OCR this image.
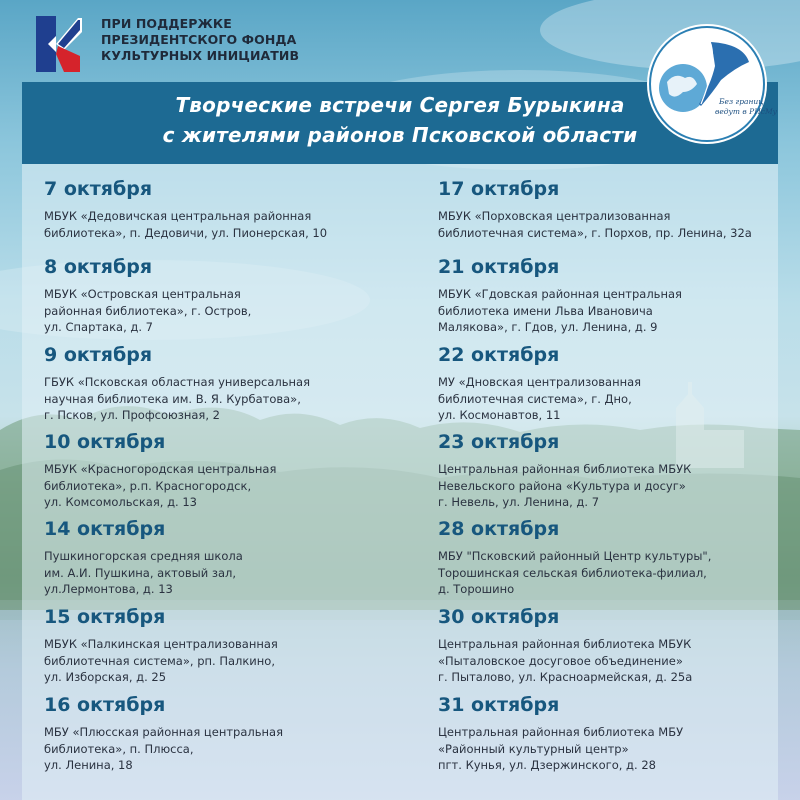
ПРИ ПОДДЕРЖКЕ
ПРЕЗИДЕНТСКОГО ФОНДА
КУЛЬТУРНЫХ ИНИЦИАТИВ
Творческие встречи Сергея Бурыкина
с жителями районов Псковской области
Без границ
ведут в РИсМу
7 октября
МБУК «Дедовичская центральная районная
библиотека», п. Дедовичи, ул. Пионерская, 10
8 октября
МБУК «Островская центральная
районная библиотека», г. Остров,
ул. Спартака, д. 7
9 октября
ГБУК «Псковская областная универсальная
научная библиотека им. В. Я. Курбатова»,
г. Псков, ул. Профсоюзная, 2
10 октября
МБУК «Красногородская центральная
библиотека», р.п. Красногородск,
ул. Комсомольская, д. 13
14 октября
Пушкиногорская средняя школа
им. А.И. Пушкина, актовый зал,
ул.Лермонтова, д. 13
15 октября
МБУК «Палкинская централизованная
библиотечная система», рп. Палкино,
ул. Изборская, д. 25
16 октября
МБУ «Плюсская районная центральная
библиотека», п. Плюсса,
ул. Ленина, 18
17 октября
МБУК «Порховская централизованная
библиотечная система», г. Порхов, пр. Ленина, 32а
21 октября
МБУК «Гдовская районная центральная
библиотека имени Льва Ивановича
Малякова», г. Гдов, ул. Ленина, д. 9
22 октября
МУ «Дновская централизованная
библиотечная система», г. Дно,
ул. Космонавтов, 11
23 октября
Центральная районная библиотека МБУК
Невельского района «Культура и досуг»
г. Невель, ул. Ленина, д. 7
28 октября
МБУ "Псковский районный Центр культуры",
Торошинская сельская библиотека-филиал,
д. Торошино
30 октября
Центральная районная библиотека МБУК
«Пыталовское досуговое объединение»
г. Пыталово, ул. Красноармейская, д. 25а
31 октября
Центральная районная библиотека МБУ
«Районный культурный центр»
пгт. Кунья, ул. Дзержинского, д. 28
